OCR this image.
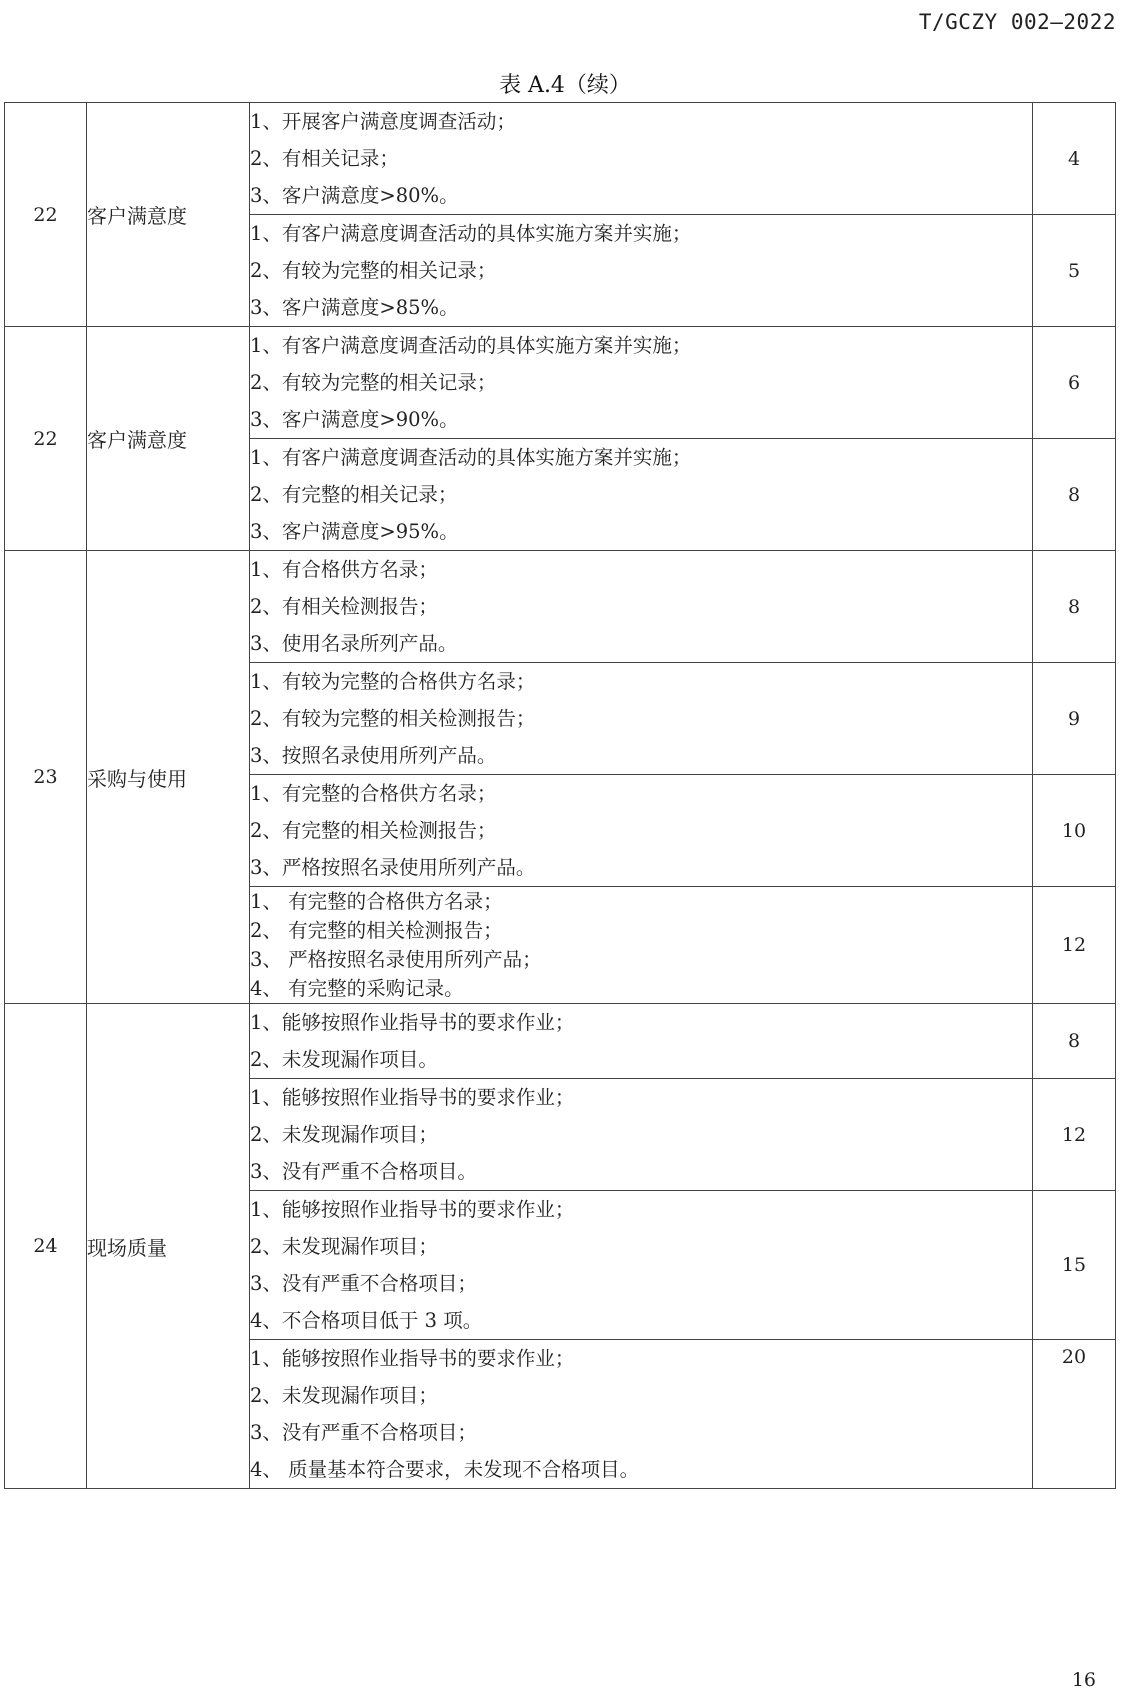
T/GCZY 002—2022
表 A.4（续）
22	客户满意度	1、开展客户满意度调查活动；
2、有相关记录；
3、客户满意度>80%。	4

		1、有客户满意度调查活动的具体实施方案并实施；
2、有较为完整的相关记录；
3、客户满意度>85%。	5
22	客户满意度	1、有客户满意度调查活动的具体实施方案并实施；
2、有较为完整的相关记录；
3、客户满意度>90%。	6

		1、有客户满意度调查活动的具体实施方案并实施；
2、有完整的相关记录；
3、客户满意度>95%。	8
23	采购与使用	1、有合格供方名录；
2、有相关检测报告；
3、使用名录所列产品。	8

		1、有较为完整的合格供方名录；
2、有较为完整的相关检测报告；
3、按照名录使用所列产品。	9

		1、有完整的合格供方名录；
2、有完整的相关检测报告；
3、严格按照名录使用所列产品。	10

		1、 有完整的合格供方名录；
2、 有完整的相关检测报告；
3、 严格按照名录使用所列产品；
4、 有完整的采购记录。	12
24	现场质量	1、能够按照作业指导书的要求作业；
2、未发现漏作项目。	8

		1、能够按照作业指导书的要求作业；
2、未发现漏作项目；
3、没有严重不合格项目。	12

		1、能够按照作业指导书的要求作业；
2、未发现漏作项目；
3、没有严重不合格项目；
4、不合格项目低于 3 项。	15

		1、能够按照作业指导书的要求作业；
2、未发现漏作项目；
3、没有严重不合格项目；
4、 质量基本符合要求，未发现不合格项目。	20
16
